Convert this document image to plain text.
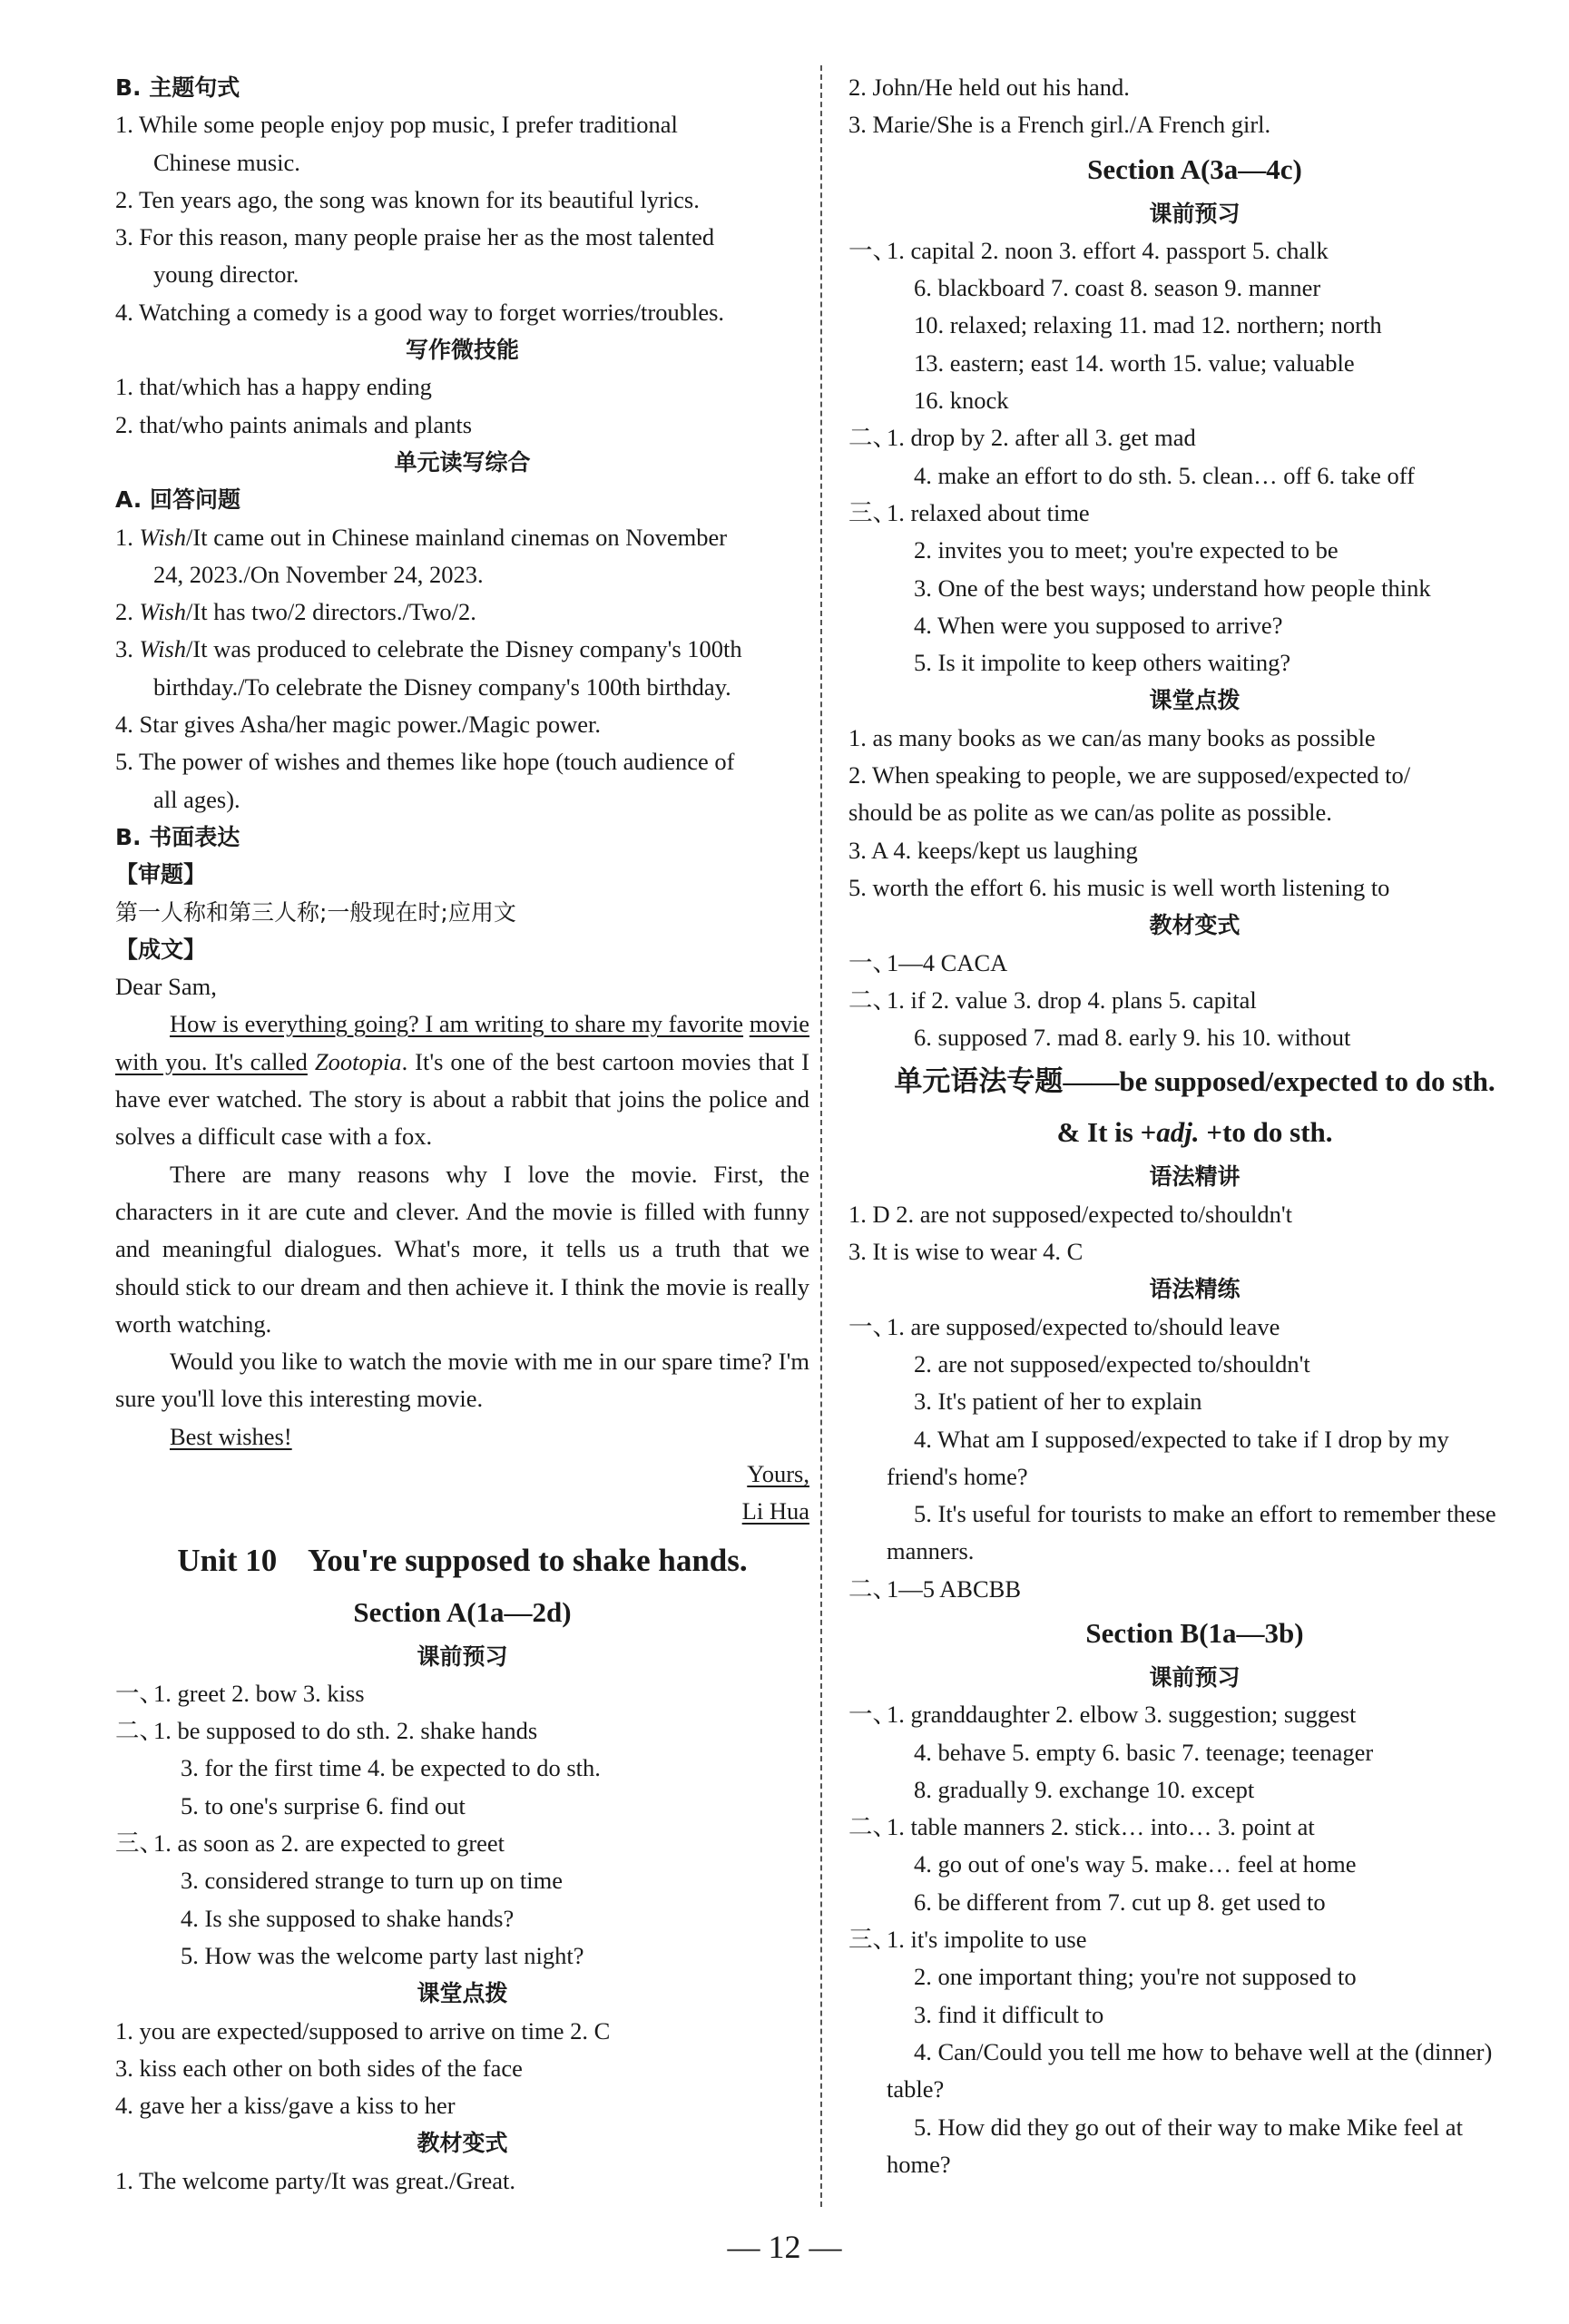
B. 主题句式
1. While some people enjoy pop music, I prefer traditional
Chinese music.
2. Ten years ago, the song was known for its beautiful lyrics.
3. For this reason, many people praise her as the most talented
young director.
4. Watching a comedy is a good way to forget worries/troubles.
写作微技能
1. that/which has a happy ending
2. that/who paints animals and plants
单元读写综合
A. 回答问题
1. Wish/It came out in Chinese mainland cinemas on November
24, 2023./On November 24, 2023.
2. Wish/It has two/2 directors./Two/2.
3. Wish/It was produced to celebrate the Disney company's 100th
birthday./To celebrate the Disney company's 100th birthday.
4. Star gives Asha/her magic power./Magic power.
5. The power of wishes and themes like hope (touch audience of
all ages).
B. 书面表达
【审题】
第一人称和第三人称;一般现在时;应用文
【成文】
Dear Sam,
How is everything going? I am writing to share my favorite movie with you. It's called Zootopia. It's one of the best cartoon movies that I have ever watched. The story is about a rabbit that joins the police and solves a difficult case with a fox.
There are many reasons why I love the movie. First, the characters in it are cute and clever. And the movie is filled with funny and meaningful dialogues. What's more, it tells us a truth that we should stick to our dream and then achieve it. I think the movie is really worth watching.
Would you like to watch the movie with me in our spare time? I'm sure you'll love this interesting movie.
Best wishes!
Yours,
Li Hua
Unit 10    You're supposed to shake hands.
Section A(1a—2d)
课前预习
一、1. greet 2. bow 3. kiss
二、1. be supposed to do sth. 2. shake hands
3. for the first time 4. be expected to do sth.
5. to one's surprise 6. find out
三、1. as soon as 2. are expected to greet
3. considered strange to turn up on time
4. Is she supposed to shake hands?
5. How was the welcome party last night?
课堂点拨
1. you are expected/supposed to arrive on time 2. C
3. kiss each other on both sides of the face
4. gave her a kiss/gave a kiss to her
教材变式
1. The welcome party/It was great./Great.
2. John/He held out his hand.
3. Marie/She is a French girl./A French girl.
Section A(3a—4c)
课前预习
一、1. capital 2. noon 3. effort 4. passport 5. chalk
6. blackboard 7. coast 8. season 9. manner
10. relaxed; relaxing 11. mad 12. northern; north
13. eastern; east 14. worth 15. value; valuable
16. knock
二、1. drop by 2. after all 3. get mad
4. make an effort to do sth. 5. clean… off 6. take off
三、1. relaxed about time
2. invites you to meet; you're expected to be
3. One of the best ways; understand how people think
4. When were you supposed to arrive?
5. Is it impolite to keep others waiting?
课堂点拨
1. as many books as we can/as many books as possible
2. When speaking to people, we are supposed/expected to/
should be as polite as we can/as polite as possible.
3. A 4. keeps/kept us laughing
5. worth the effort 6. his music is well worth listening to
教材变式
一、1—4 CACA
二、1. if 2. value 3. drop 4. plans 5. capital
6. supposed 7. mad 8. early 9. his 10. without
单元语法专题——be supposed/expected to do sth.
& It is +adj. +to do sth.
语法精讲
1. D 2. are not supposed/expected to/shouldn't
3. It is wise to wear 4. C
语法精练
一、1. are supposed/expected to/should leave
2. are not supposed/expected to/shouldn't
3. It's patient of her to explain
4. What am I supposed/expected to take if I drop by my
friend's home?
5. It's useful for tourists to make an effort to remember these
manners.
二、1—5 ABCBB
Section B(1a—3b)
课前预习
一、1. granddaughter 2. elbow 3. suggestion; suggest
4. behave 5. empty 6. basic 7. teenage; teenager
8. gradually 9. exchange 10. except
二、1. table manners 2. stick… into… 3. point at
4. go out of one's way 5. make… feel at home
6. be different from 7. cut up 8. get used to
三、1. it's impolite to use
2. one important thing; you're not supposed to
3. find it difficult to
4. Can/Could you tell me how to behave well at the (dinner)
table?
5. How did they go out of their way to make Mike feel at
home?
— 12 —
